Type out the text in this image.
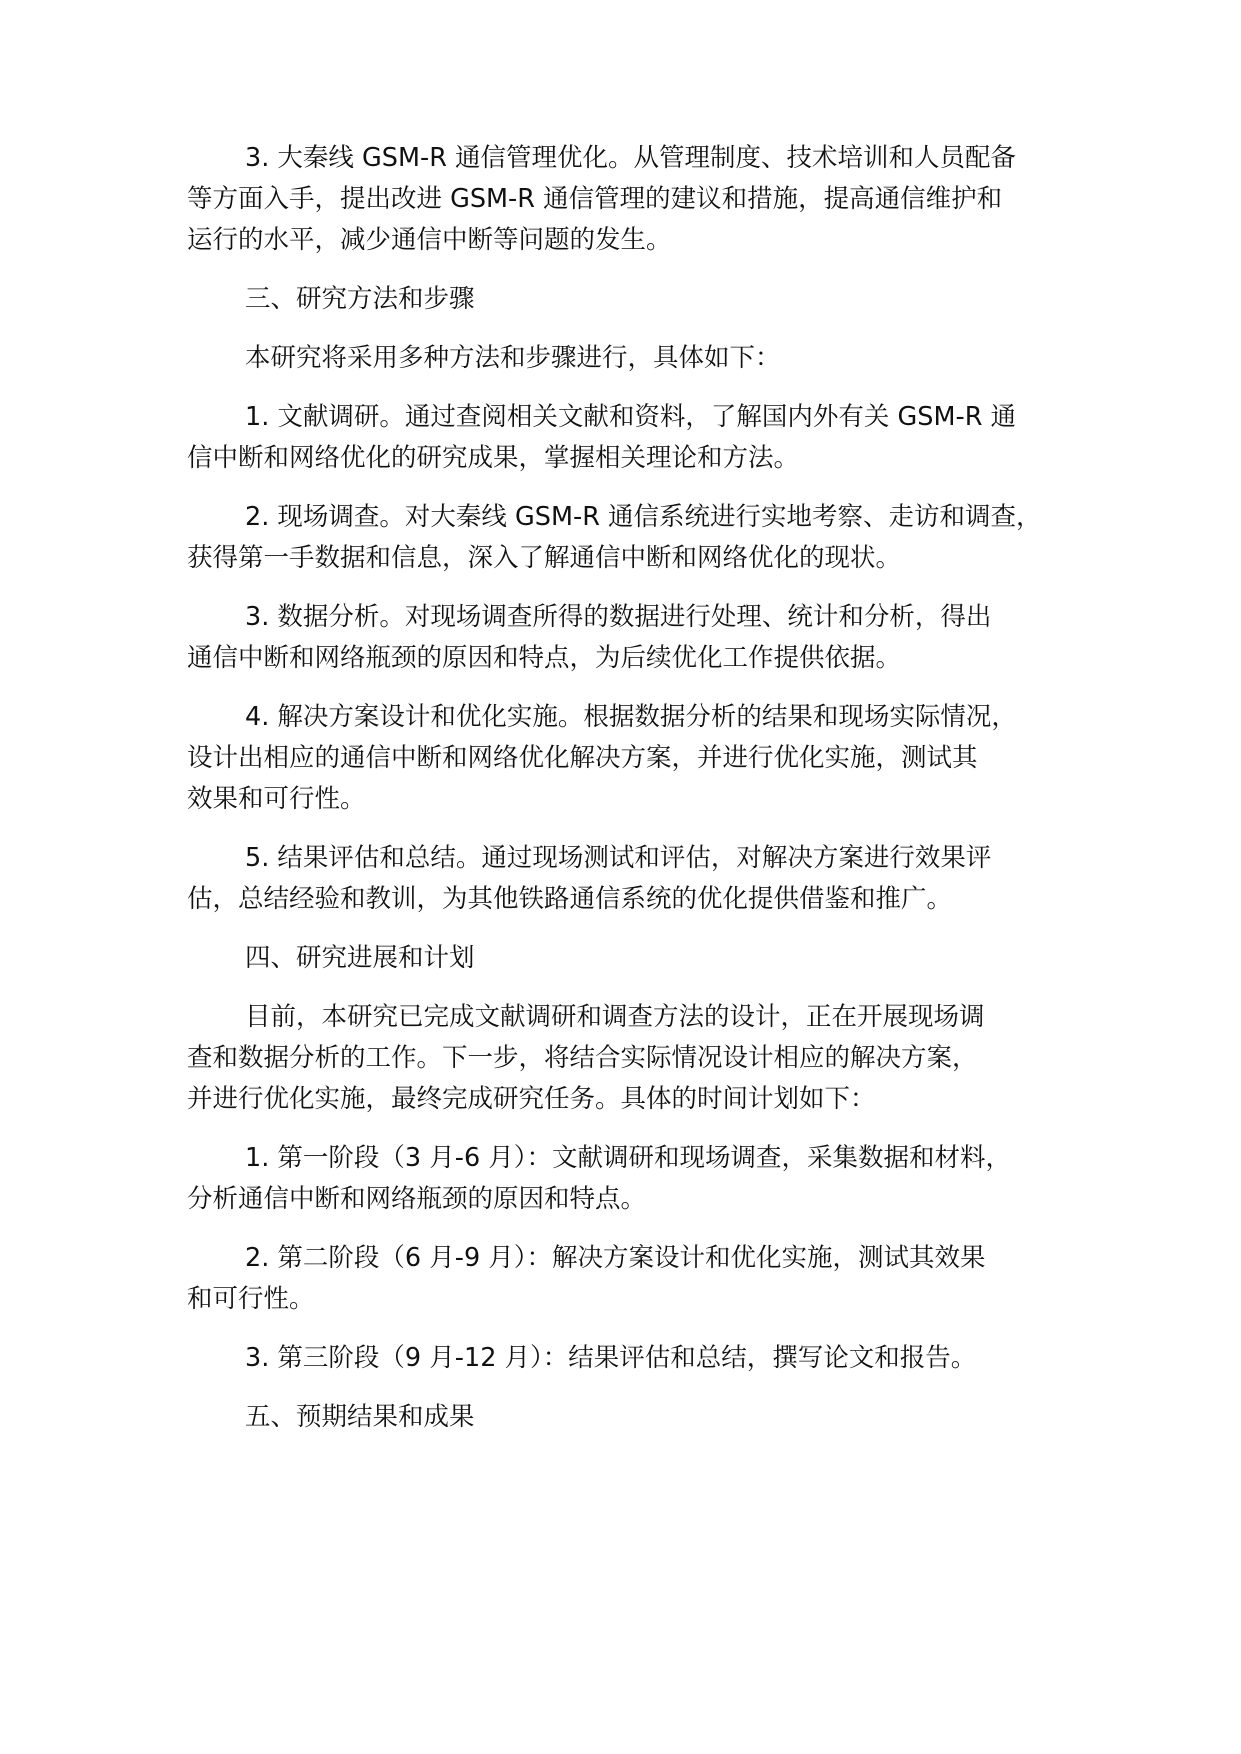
3. 大秦线 GSM-R 通信管理优化。从管理制度、技术培训和人员配备
等方面入手，提出改进 GSM-R 通信管理的建议和措施，提高通信维护和
运行的水平，减少通信中断等问题的发生。
三、研究方法和步骤
本研究将采用多种方法和步骤进行，具体如下：
1. 文献调研。通过查阅相关文献和资料，了解国内外有关 GSM-R 通
信中断和网络优化的研究成果，掌握相关理论和方法。
2. 现场调查。对大秦线 GSM-R 通信系统进行实地考察、走访和调查，
获得第一手数据和信息，深入了解通信中断和网络优化的现状。
3. 数据分析。对现场调查所得的数据进行处理、统计和分析，得出
通信中断和网络瓶颈的原因和特点，为后续优化工作提供依据。
4. 解决方案设计和优化实施。根据数据分析的结果和现场实际情况，
设计出相应的通信中断和网络优化解决方案，并进行优化实施，测试其
效果和可行性。
5. 结果评估和总结。通过现场测试和评估，对解决方案进行效果评
估，总结经验和教训，为其他铁路通信系统的优化提供借鉴和推广。
四、研究进展和计划
目前，本研究已完成文献调研和调查方法的设计，正在开展现场调
查和数据分析的工作。下一步，将结合实际情况设计相应的解决方案，
并进行优化实施，最终完成研究任务。具体的时间计划如下：
1. 第一阶段（3 月-6 月）：文献调研和现场调查，采集数据和材料，
分析通信中断和网络瓶颈的原因和特点。
2. 第二阶段（6 月-9 月）：解决方案设计和优化实施，测试其效果
和可行性。
3. 第三阶段（9 月-12 月）：结果评估和总结，撰写论文和报告。
五、预期结果和成果
